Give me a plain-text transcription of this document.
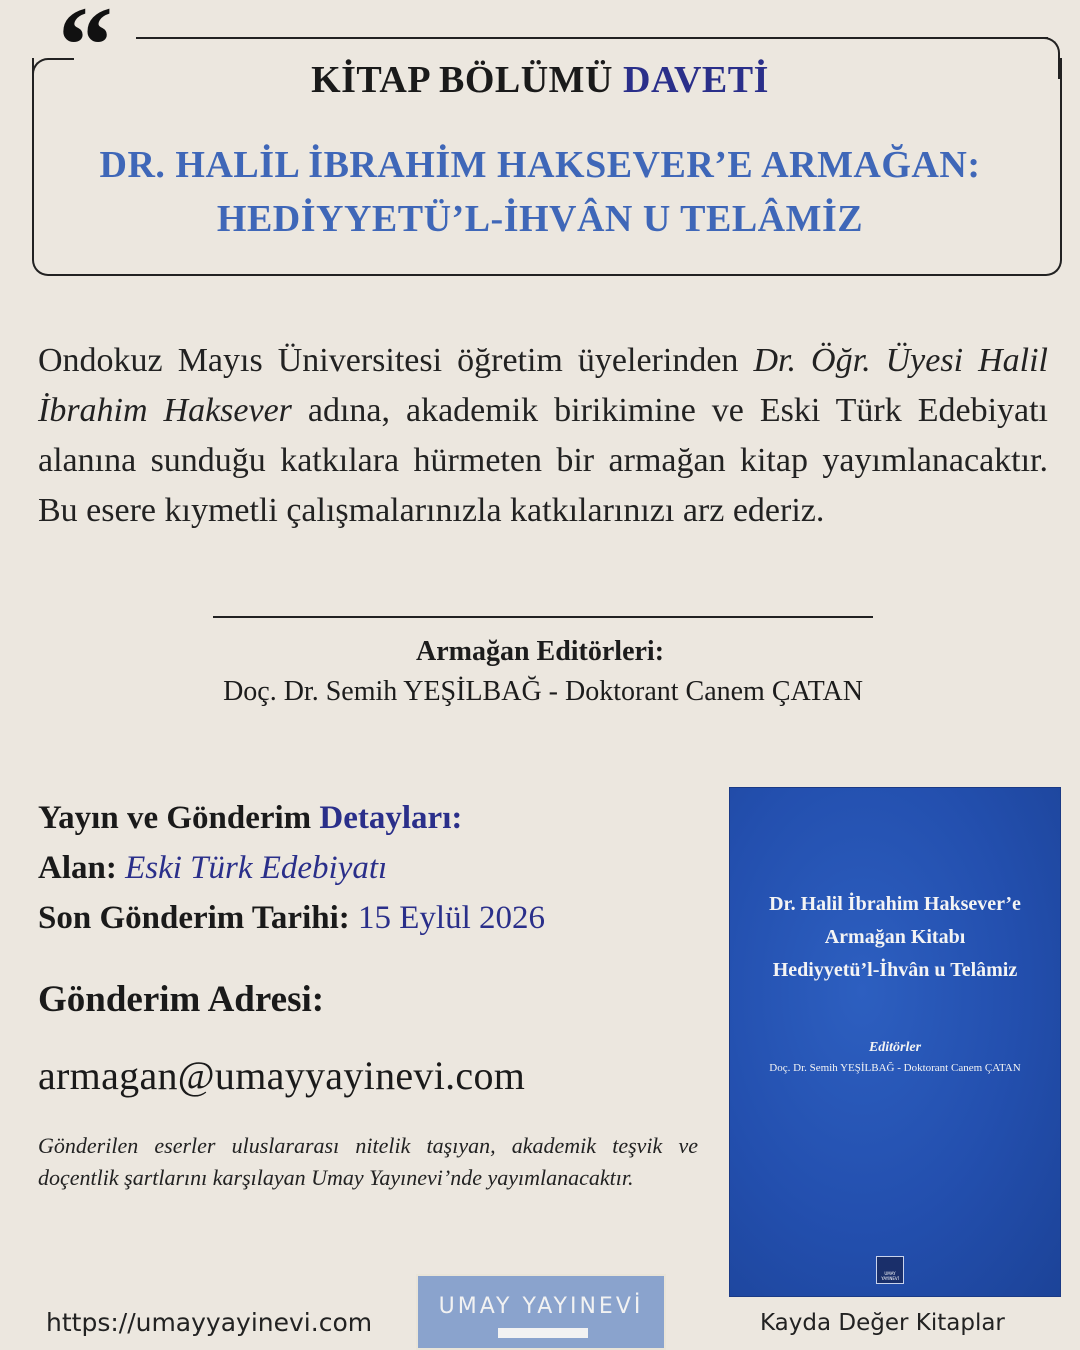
“	KİTAP BÖLÜMÜ DAVETİ
DR. HALİL İBRAHİM HAKSEVER’E ARMAĞAN:
HEDİYYETÜ’L-İHVÂN U TELÂMİZ
Ondokuz Mayıs Üniversitesi öğretim üyelerinden Dr. Öğr. Üyesi Halil İbrahim Haksever adına, akademik birikimine ve Eski Türk Edebiyatı alanına sunduğu katkılara hürmeten bir armağan kitap yayımlanacaktır. Bu esere kıymetli çalışmalarınızla katkılarınızı arz ederiz.
Armağan Editörleri:
Doç. Dr. Semih YEŞİLBAĞ - Doktorant Canem ÇATAN
Yayın ve Gönderim Detayları:
Alan: Eski Türk Edebiyatı
Son Gönderim Tarihi: 15 Eylül 2026
Gönderim Adresi:
armagan@umayyayinevi.com
Gönderilen eserler uluslararası nitelik taşıyan, akademik teşvik ve doçentlik şartlarını karşılayan Umay Yayınevi’nde yayımlanacaktır.
Dr. Halil İbrahim Haksever’e
Armağan Kitabı
Hediyyetü’l-İhvân u Telâmiz
Editörler
Doç. Dr. Semih YEŞİLBAĞ - Doktorant Canem ÇATAN
UMAY YAYINEVİ
https://umayyayinevi.com
UMAY YAYINEVİ
Kayda Değer Kitaplar
